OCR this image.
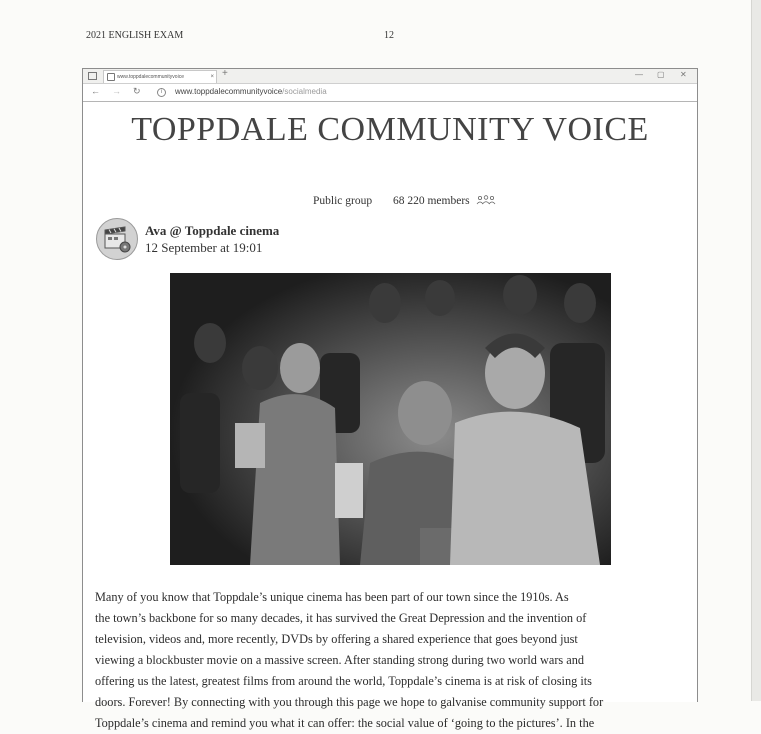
2021 ENGLISH EXAM	12
www.toppdalecommunityvoice	× +	— ▢ ✕
← → ↻	i	www.toppdalecommunityvoice/socialmedia
TOPPDALE COMMUNITY VOICE
Public group 68 220 members
Ava @ Toppdale cinema
12 September at 19:01
Many of you know that Toppdale’s unique cinema has been part of our town since the 1910s. As
the town’s backbone for so many decades, it has survived the Great Depression and the invention of
television, videos and, more recently, DVDs by offering a shared experience that goes beyond just
viewing a blockbuster movie on a massive screen. After standing strong during two world wars and
offering us the latest, greatest films from around the world, Toppdale’s cinema is at risk of closing its
doors. Forever! By connecting with you through this page we hope to galvanise community support for
Toppdale’s cinema and remind you what it can offer: the social value of ‘going to the pictures’. In the
